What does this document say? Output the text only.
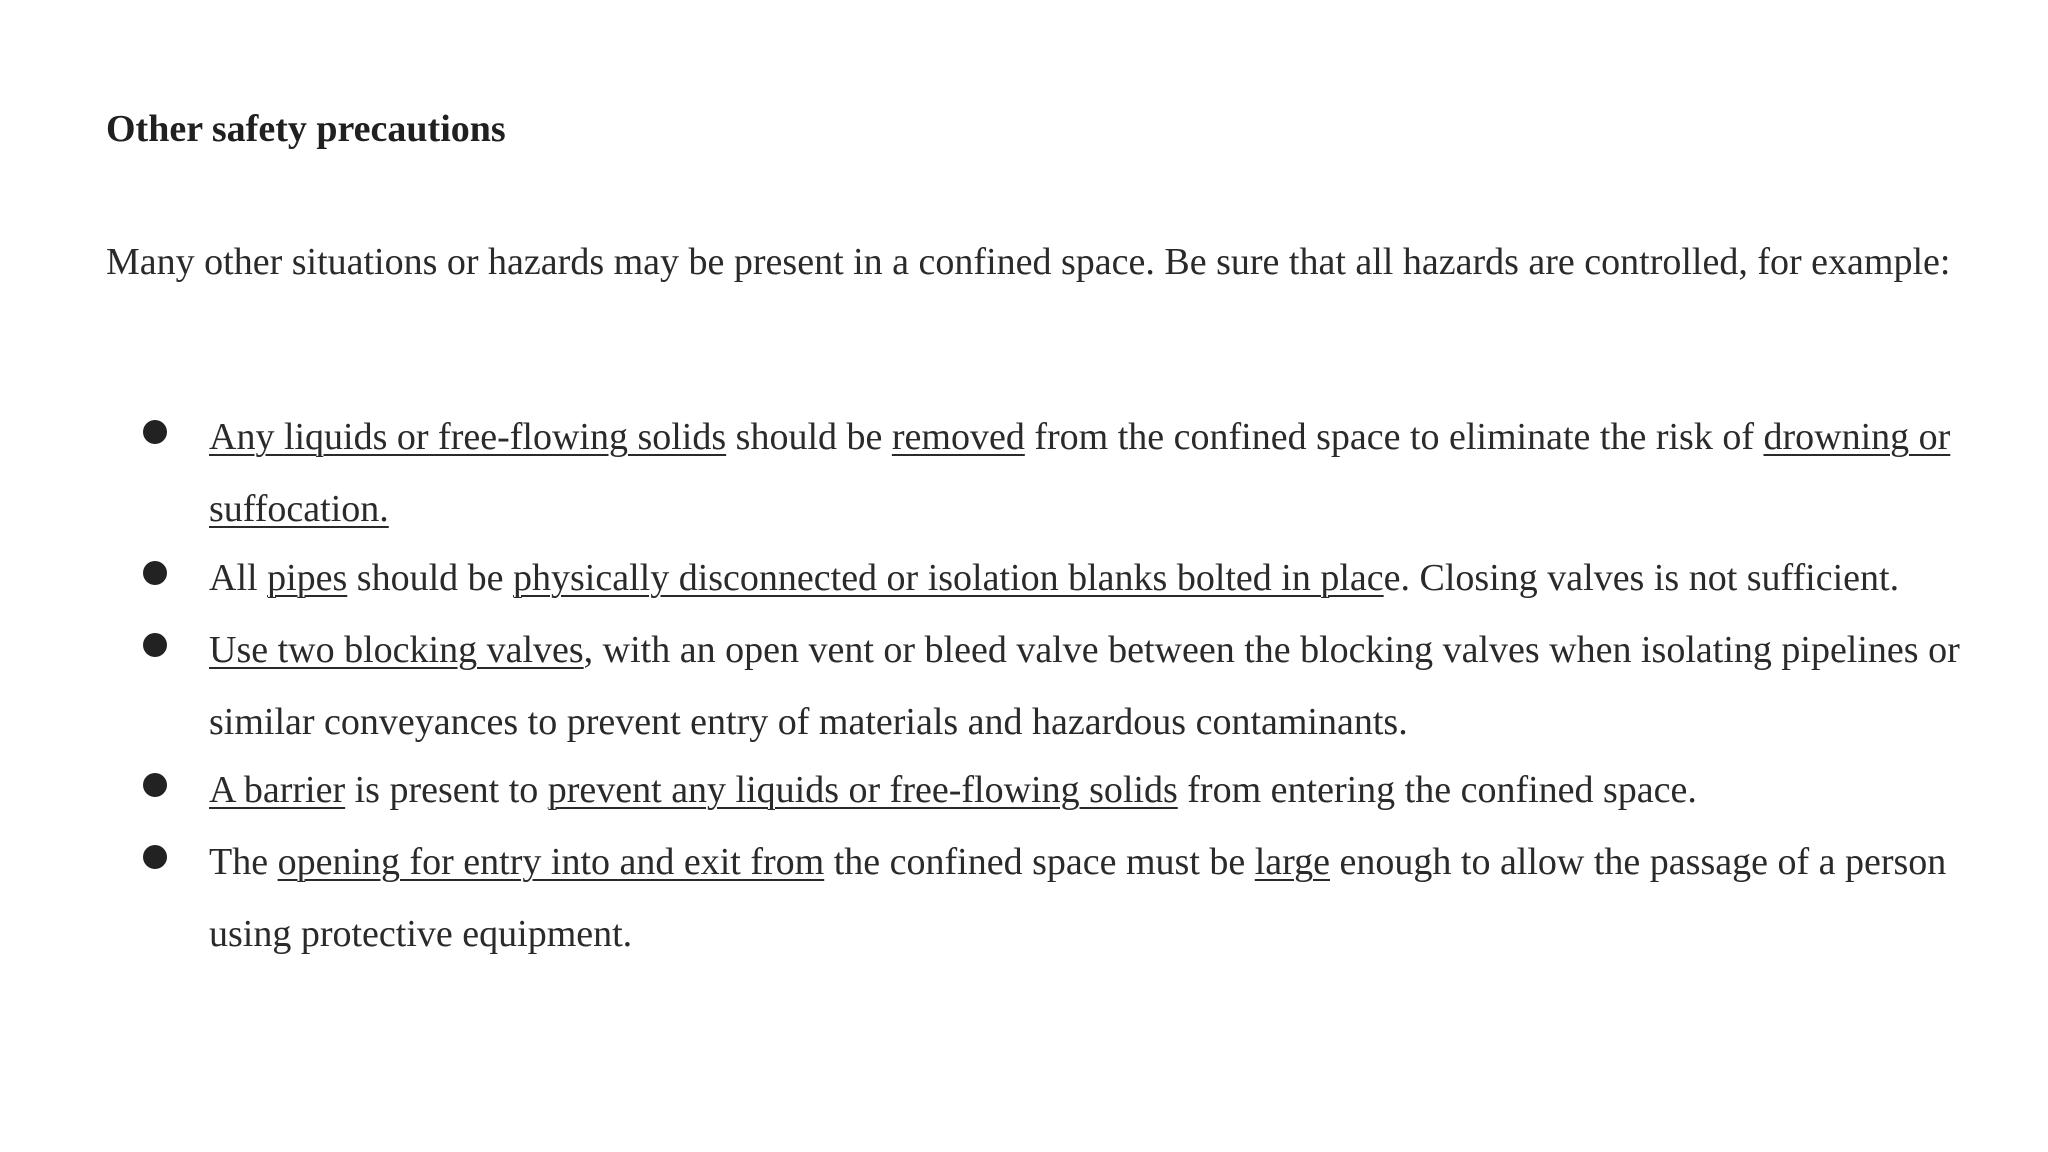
Other safety precautions
Many other situations or hazards may be present in a confined space. Be sure that all hazards are controlled, for example:
Any liquids or free-flowing solids should be removed from the confined space to eliminate the risk of drowning or suffocation.
All pipes should be physically disconnected or isolation blanks bolted in place. Closing valves is not sufficient.
Use two blocking valves, with an open vent or bleed valve between the blocking valves when isolating pipelines or similar conveyances to prevent entry of materials and hazardous contaminants.
A barrier is present to prevent any liquids or free-flowing solids from entering the confined space.
The opening for entry into and exit from the confined space must be large enough to allow the passage of a person using protective equipment.
